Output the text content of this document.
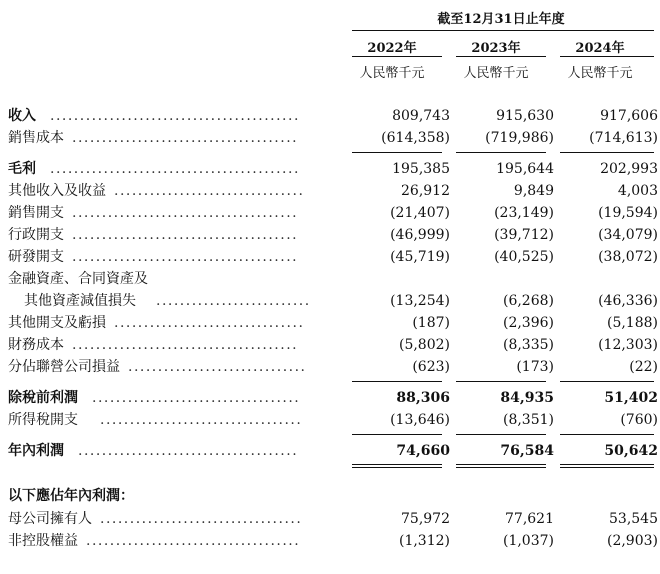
截至12月31日止年度
2022年	2023年	2024年
人民幣千元	人民幣千元	人民幣千元
收入 ..........................................	809,743	915,630	917,606
銷售成本 ......................................	(614,358)	(719,986)	(714,613)
毛利 ..........................................	195,385	195,644	202,993
其他收入及收益 ................................	26,912	9,849	4,003
銷售開支 ......................................	(21,407)	(23,149)	(19,594)
行政開支 ......................................	(46,999)	(39,712)	(34,079)
研發開支 ......................................	(45,719)	(40,525)	(38,072)
金融資產、合同資產及
其他資產減值損失 ..........................	(13,254)	(6,268)	(46,336)
其他開支及虧損 ................................	(187)	(2,396)	(5,188)
財務成本 ......................................	(5,802)	(8,335)	(12,303)
分佔聯營公司損益 ..............................	(623)	(173)	(22)
除稅前利潤 ...................................	88,306	84,935	51,402
所得稅開支 ..................................	(13,646)	(8,351)	(760)
年內利潤 .....................................	74,660	76,584	50,642
以下應佔年內利潤：
母公司擁有人 ..................................	75,972	77,621	53,545
非控股權益 ....................................	(1,312)	(1,037)	(2,903)
